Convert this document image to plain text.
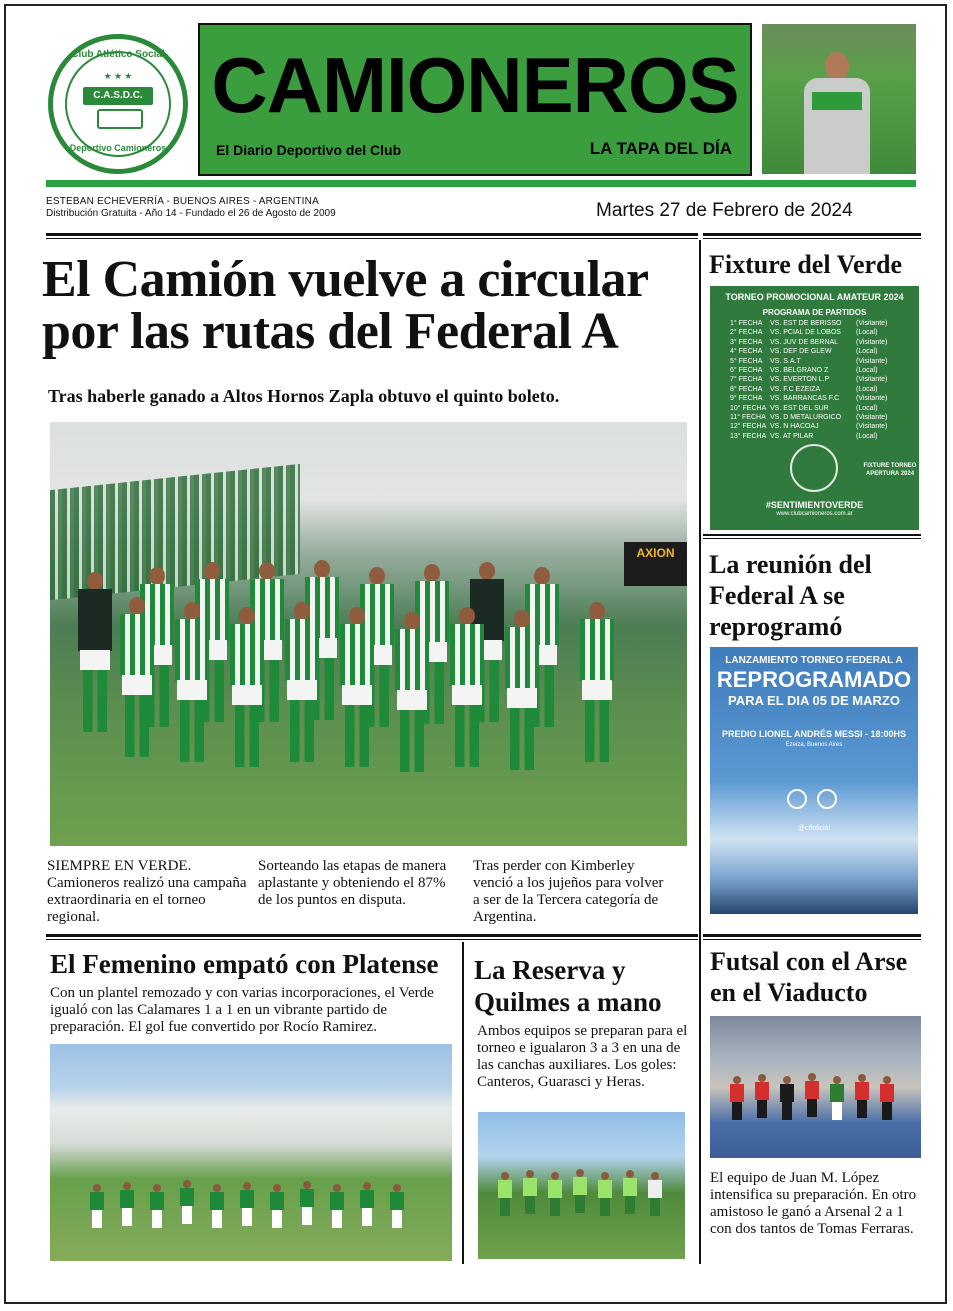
Club Atlético Social
★ ★ ★
C.A.S.D.C.
Deportivo Camioneros
CAMIONEROS
El Diario Deportivo del Club	LA TAPA DEL DÍA
ESTEBAN ECHEVERRÍA - BUENOS AIRES - ARGENTINA
Distribución Gratuita - Año 14 - Fundado el 26 de Agosto de 2009	Martes 27 de Febrero de 2024
El Camión vuelve a circular
por las rutas del Federal A
Tras haberle ganado a Altos Hornos Zapla obtuvo el quinto boleto.
AXION
SIEMPRE EN VERDE. Camioneros realizó una campaña extraordinaria en el torneo regional.
Sorteando las etapas de manera aplastante y obteniendo el 87% de los puntos en disputa.
Tras perder con Kimberley venció a los jujeños para volver a ser de la Tercera categoría de Argentina.
Fixture del Verde
TORNEO PROMOCIONAL AMATEUR 2024
PROGRAMA DE PARTIDOS
1° FECHA VS. EST DE BERISSO (Visitante)
2° FECHA VS. PCIAL DE LOBOS (Local)
3° FECHA VS. JUV DE BERNAL	(Visitante)
4° FECHA VS. DEF DE GLEW	(Local)
5° FECHA VS. S.A.T	(Visitante)
6° FECHA VS. BELGRANO Z	(Local)
7° FECHA VS. EVERTON L.P	(Visitante)
8° FECHA VS. F.C EZEIZA	(Local)
9° FECHA VS. BARRANCAS F.C (Visitante)
10° FECHA VS. EST DEL SUR	(Local)
11° FECHA VS. D METALURGICO (Visitante)
12° FECHA VS. N HACOAJ	(Visitante)
13° FECHA VS. AT PILAR	(Local)
FIXTURE TORNEO APERTURA 2024
#SENTIMIENTOVERDE
www.clubcamioneros.com.ar
La reunión del Federal A se reprogramó
LANZAMIENTO TORNEO FEDERAL A
REPROGRAMADO
PARA EL DIA 05 DE MARZO
PREDIO LIONEL ANDRÉS MESSI - 18:00HS
Ezeiza, Buenos Aires
@cffoficial
El Femenino empató con Platense
Con un plantel remozado y con varias incorporaciones, el Verde igualó con las Calamares 1 a 1 en un vibrante partido de preparación. El gol fue convertido por Rocío Ramirez.
La Reserva y Quilmes a mano
Ambos equipos se preparan para el torneo e igualaron 3 a 3 en una de las canchas auxiliares. Los goles: Canteros, Guarasci y Heras.
Futsal con el Arse en el Viaducto
El equipo de Juan M. López intensifica su preparación. En otro amistoso le ganó a Arsenal 2 a 1 con dos tantos de Tomas Ferraras.
